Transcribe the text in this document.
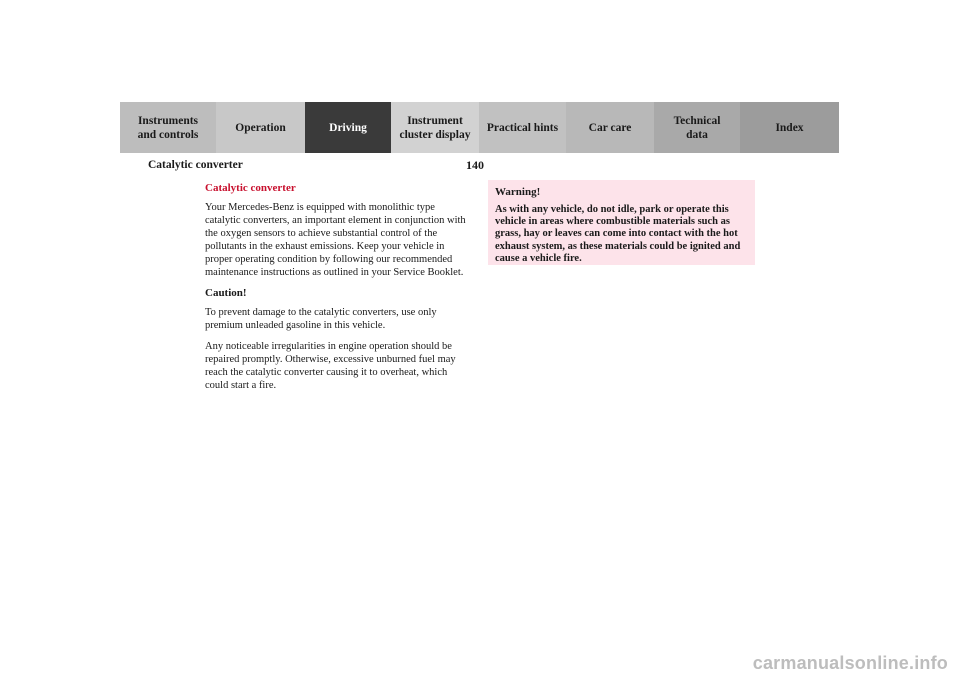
Instruments
and controls
Operation	Driving
Instrument
cluster display
Practical hints	Car care
Technical
data
Index
Catalytic converter	140
Catalytic converter

Your Mercedes-Benz is equipped with monolithic type catalytic converters, an important element in conjunction with the oxygen sensors to achieve substantial control of the pollutants in the exhaust emissions. Keep your vehicle in proper operating condition by following our recommended maintenance instructions as outlined in your Service Booklet.

Caution!

To prevent damage to the catalytic converters, use only premium unleaded gasoline in this vehicle.

Any noticeable irregularities in engine operation should be repaired promptly. Otherwise, excessive unburned fuel may reach the catalytic converter causing it to overheat, which could start a fire.

Warning!

As with any vehicle, do not idle, park or operate this vehicle in areas where combustible materials such as grass, hay or leaves can come into contact with the hot exhaust system, as these materials could be ignited and cause a vehicle fire.

carmanualsonline.info
